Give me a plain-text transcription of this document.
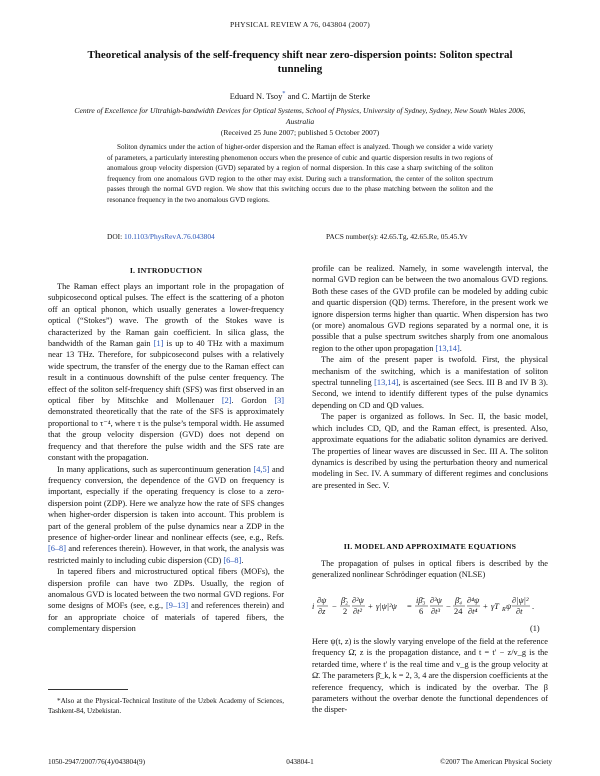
PHYSICAL REVIEW A 76, 043804 (2007)
Theoretical analysis of the self-frequency shift near zero-dispersion points: Soliton spectral tunneling
Eduard N. Tsoy* and C. Martijn de Sterke
Centre of Excellence for Ultrahigh-bandwidth Devices for Optical Systems, School of Physics, University of Sydney, Sydney, New South Wales 2006, Australia
(Received 25 June 2007; published 5 October 2007)
Soliton dynamics under the action of higher-order dispersion and the Raman effect is analyzed. Though we consider a wide variety of parameters, a particularly interesting phenomenon occurs when the presence of cubic and quartic dispersion results in two regions of anomalous group velocity dispersion (GVD) separated by a region of normal dispersion. In this case a sharp switching of the soliton frequency from one anomalous GVD region to the other may exist. During such a transformation, the center of the soliton spectrum passes through the normal GVD region. We show that this switching occurs due to the phase matching between the soliton and the resonance frequency in the two anomalous GVD regions.
DOI: 10.1103/PhysRevA.76.043804	PACS number(s): 42.65.Tg, 42.65.Re, 05.45.Yv
I. INTRODUCTION

The Raman effect plays an important role in the propagation of subpicosecond optical pulses. The effect is the scattering of a photon off an optical phonon, which usually generates a lower-frequency optical (“Stokes”) wave. The growth of the Stokes wave is characterized by the Raman gain coefficient. In silica glass, the bandwidth of the Raman gain [1] is up to 40 THz with a maximum near 13 THz. Therefore, for subpicosecond pulses with a relatively wide spectrum, the transfer of the energy due to the Raman effect can result in a continuous downshift of the pulse center frequency. The effect of the soliton self-frequency shift (SFS) was first observed in an optical fiber by Mitschke and Mollenauer [2]. Gordon [3] demonstrated theoretically that the rate of the SFS is approximately proportional to τ⁻⁴, where τ is the pulse’s temporal width. He assumed that the group velocity dispersion (GVD) does not depend on frequency and that therefore the pulse width and the SFS rate are constant with the propagation.

In many applications, such as supercontinuum generation [4,5] and frequency conversion, the dependence of the GVD on frequency is important, especially if the operating frequency is close to a zero-dispersion point (ZDP). Here we analyze how the rate of SFS changes when higher-order dispersion is taken into account. This problem is part of the general problem of the pulse dynamics near a ZDP in the presence of higher-order linear and nonlinear effects (see, e.g., Refs. [6–8] and references therein). However, in that work, the analysis was restricted mainly to including cubic dispersion (CD) [6–8].

In tapered fibers and microstructured optical fibers (MOFs), the dispersion profile can have two ZDPs. Usually, the region of anomalous GVD is located between the two normal GVD regions. For some designs of MOFs (see, e.g., [9–13] and references therein) and for an appropriate choice of materials of tapered fibers, the complementary dispersion

*Also at the Physical-Technical Institute of the Uzbek Academy of Sciences, Tashkent-84, Uzbekistan.

profile can be realized. Namely, in some wavelength interval, the normal GVD region can be between the two anomalous GVD regions. Both these cases of the GVD profile can be modeled by adding cubic and quartic dispersion (QD) terms. Therefore, in the present work we ignore dispersion terms higher than quartic. When dispersion has two (or more) anomalous GVD regions separated by a normal one, it is possible that a pulse spectrum switches sharply from one anomalous region to the other upon propagation [13,14].

The aim of the present paper is twofold. First, the physical mechanism of the switching, which is a manifestation of soliton spectral tunneling [13,14], is ascertained (see Secs. III B and IV B 3). Second, we intend to identify different types of the pulse dynamics depending on CD and QD values.

The paper is organized as follows. In Sec. II, the basic model, which includes CD, QD, and the Raman effect, is presented. Also, approximate equations for the adiabatic soliton dynamics are derived. The properties of linear waves are discussed in Sec. III A. The soliton dynamics is described by using the perturbation theory and numerical modeling in Sec. IV. A summary of different regimes and conclusions are presented in Sec. V.

II. MODEL AND APPROXIMATE EQUATIONS

The propagation of pulses in optical fibers is described by the generalized nonlinear Schrödinger equation (NLSE)

i
∂ψ
∂z
−
β̄₂
2
∂²ψ
∂t²
+ γ|ψ|²ψ =
iβ̄₃
6
∂³ψ
∂t³
−
β̄₄
24
∂⁴ψ
∂t⁴
+ γT R ψ
∂|ψ|²
∂t
.
(1)

Here ψ(t, z) is the slowly varying envelope of the field at the reference frequency Ω̄, z is the propagation distance, and t = t′ − z/v_g is the retarded time, where t′ is the real time and v_g is the group velocity at Ω̄. The parameters β̄_k, k = 2, 3, 4 are the dispersion coefficients at the reference frequency, which is indicated by the overbar. The β parameters without the overbar denote the functional dependences of the disper-

1050-2947/2007/76(4)/043804(9)	043804-1	©2007 The American Physical Society
